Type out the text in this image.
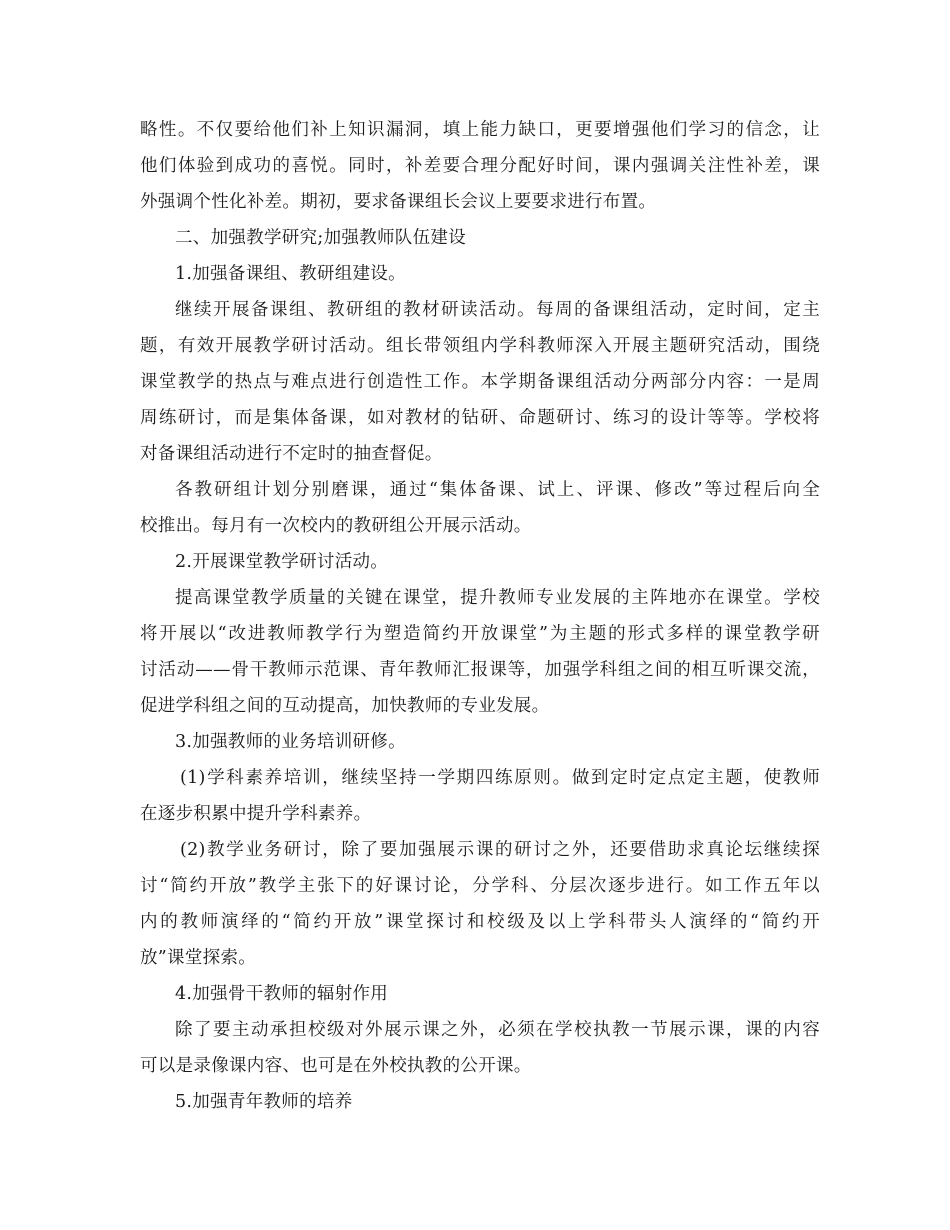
略性。不仅要给他们补上知识漏洞，填上能力缺口，更要增强他们学习的信念，让
他们体验到成功的喜悦。同时，补差要合理分配好时间，课内强调关注性补差，课
外强调个性化补差。期初，要求备课组长会议上要要求进行布置。
二、加强教学研究;加强教师队伍建设
1.加强备课组、教研组建设。
继续开展备课组、教研组的教材研读活动。每周的备课组活动，定时间，定主
题，有效开展教学研讨活动。组长带领组内学科教师深入开展主题研究活动，围绕
课堂教学的热点与难点进行创造性工作。本学期备课组活动分两部分内容：一是周
周练研讨，而是集体备课，如对教材的钻研、命题研讨、练习的设计等等。学校将
对备课组活动进行不定时的抽查督促。
各教研组计划分别磨课，通过“集体备课、试上、评课、修改”等过程后向全
校推出。每月有一次校内的教研组公开展示活动。
2.开展课堂教学研讨活动。
提高课堂教学质量的关键在课堂，提升教师专业发展的主阵地亦在课堂。学校
将开展以“改进教师教学行为塑造简约开放课堂”为主题的形式多样的课堂教学研
讨活动——骨干教师示范课、青年教师汇报课等，加强学科组之间的相互听课交流，
促进学科组之间的互动提高，加快教师的专业发展。
3.加强教师的业务培训研修。
(1)学科素养培训，继续坚持一学期四练原则。做到定时定点定主题，使教师
在逐步积累中提升学科素养。
(2)教学业务研讨，除了要加强展示课的研讨之外，还要借助求真论坛继续探
讨“简约开放”教学主张下的好课讨论，分学科、分层次逐步进行。如工作五年以
内的教师演绎的“简约开放”课堂探讨和校级及以上学科带头人演绎的“简约开
放”课堂探索。
4.加强骨干教师的辐射作用
除了要主动承担校级对外展示课之外，必须在学校执教一节展示课，课的内容
可以是录像课内容、也可是在外校执教的公开课。
5.加强青年教师的培养
